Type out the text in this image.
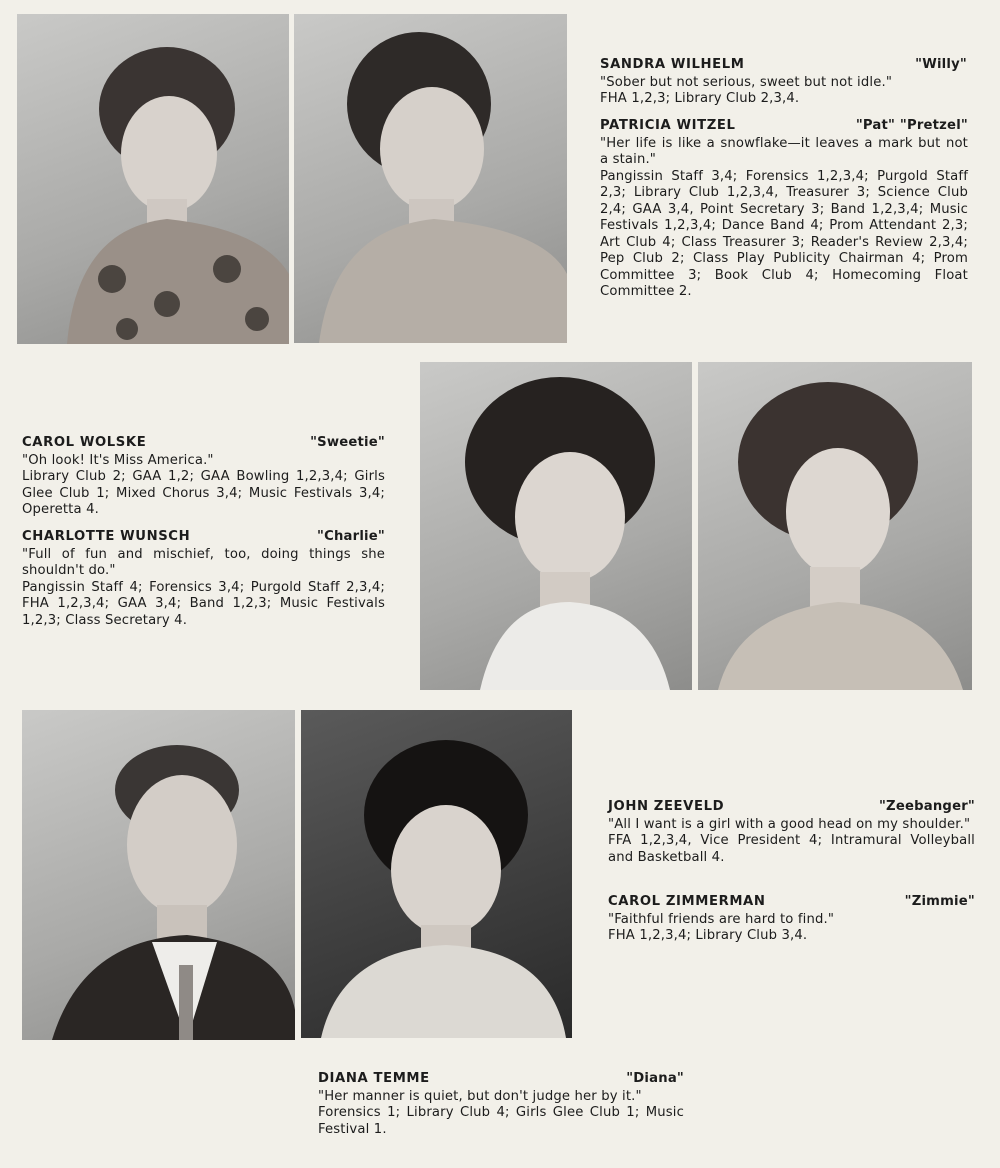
SANDRA WILHELM	"Willy"
"Sober but not serious, sweet but not idle."
FHA 1,2,3; Library Club 2,3,4.
PATRICIA WITZEL	"Pat" "Pretzel"
"Her life is like a snowflake—it leaves a mark but not a stain."
Pangissin Staff 3,4; Forensics 1,2,3,4; Purgold Staff 2,3; Library Club 1,2,3,4, Treasurer 3; Science Club 2,4; GAA 3,4, Point Secretary 3; Band 1,2,3,4; Music Festivals 1,2,3,4; Dance Band 4; Prom Attendant 2,3; Art Club 4; Class Treasurer 3; Reader's Review 2,3,4; Pep Club 2; Class Play Publicity Chairman 4; Prom Committee 3; Book Club 4; Homecoming Float Committee 2.
CAROL WOLSKE	"Sweetie"
"Oh look! It's Miss America."
Library Club 2; GAA 1,2; GAA Bowling 1,2,3,4; Girls Glee Club 1; Mixed Chorus 3,4; Music Festivals 3,4; Operetta 4.
CHARLOTTE WUNSCH	"Charlie"
"Full of fun and mischief, too, doing things she shouldn't do."
Pangissin Staff 4; Forensics 3,4; Purgold Staff 2,3,4; FHA 1,2,3,4; GAA 3,4; Band 1,2,3; Music Festivals 1,2,3; Class Secretary 4.
JOHN ZEEVELD	"Zeebanger"
"All I want is a girl with a good head on my shoulder."
FFA 1,2,3,4, Vice President 4; Intramural Volleyball and Basketball 4.
CAROL ZIMMERMAN	"Zimmie"
"Faithful friends are hard to find."
FHA 1,2,3,4; Library Club 3,4.
DIANA TEMME	"Diana"
"Her manner is quiet, but don't judge her by it."
Forensics 1; Library Club 4; Girls Glee Club 1; Music Festival 1.
